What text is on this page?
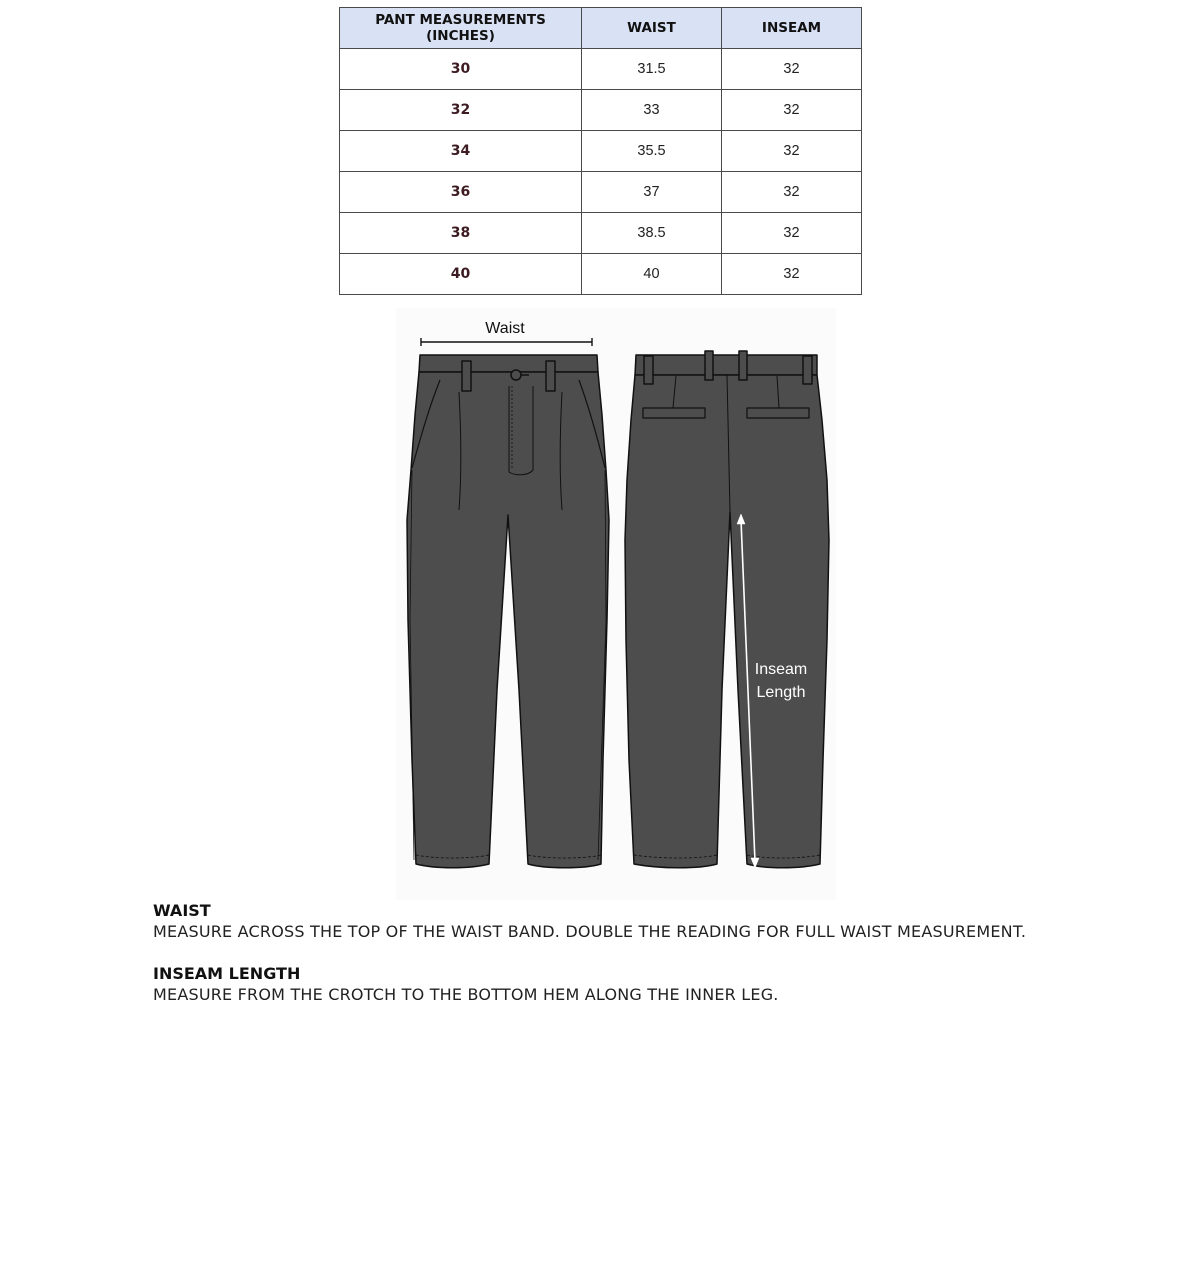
PANT MEASUREMENTS (INCHES)	WAIST	INSEAM
30	31.5	32
32	33	32
34	35.5	32
36	37	32
38	38.5	32
40	40	32
Waist
Inseam
Length
WAIST
MEASURE ACROSS THE TOP OF THE WAIST BAND. DOUBLE THE READING FOR FULL WAIST MEASUREMENT.
INSEAM LENGTH
MEASURE FROM THE CROTCH TO THE BOTTOM HEM ALONG THE INNER LEG.
